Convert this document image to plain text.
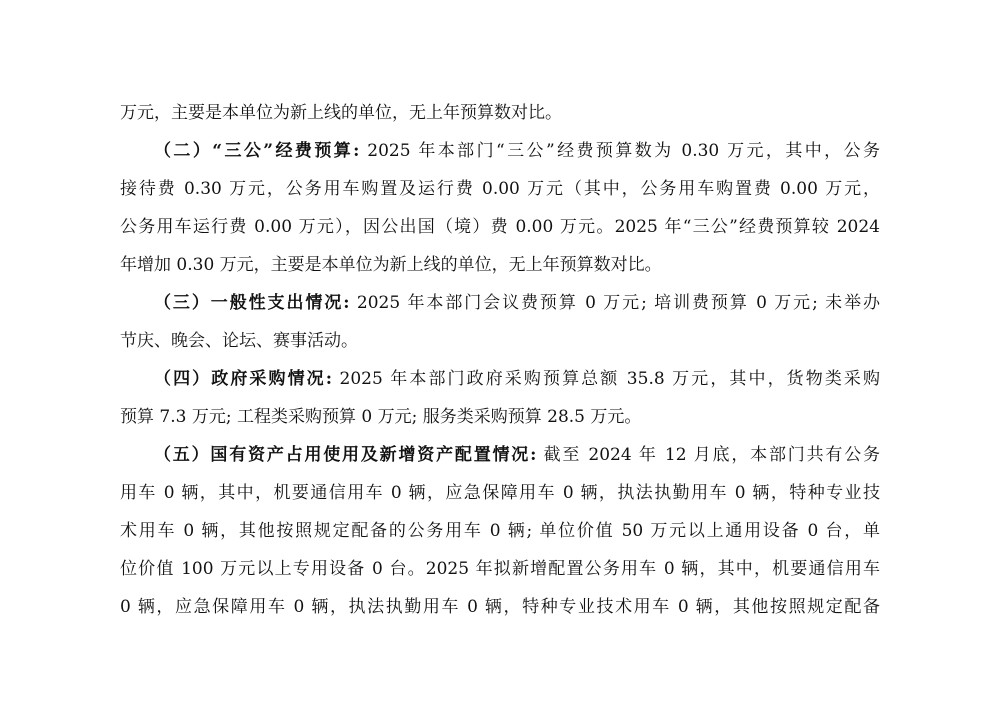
万元，主要是本单位为新上线的单位，无上年预算数对比。
（二）“三公”经费预算: 2025 年本部门“三公”经费预算数为 0.30 万元，其中，公务
接待费 0.30 万元，公务用车购置及运行费 0.00 万元（其中，公务用车购置费 0.00 万元，
公务用车运行费 0.00 万元），因公出国（境）费 0.00 万元。2025 年“三公”经费预算较 2024
年增加 0.30 万元，主要是本单位为新上线的单位，无上年预算数对比。
（三）一般性支出情况: 2025 年本部门会议费预算 0 万元; 培训费预算 0 万元; 未举办
节庆、晚会、论坛、赛事活动。
（四）政府采购情况: 2025 年本部门政府采购预算总额 35.8 万元，其中，货物类采购
预算 7.3 万元; 工程类采购预算 0 万元; 服务类采购预算 28.5 万元。
（五）国有资产占用使用及新增资产配置情况: 截至 2024 年 12 月底，本部门共有公务
用车 0 辆，其中，机要通信用车 0 辆，应急保障用车 0 辆，执法执勤用车 0 辆，特种专业技
术用车 0 辆，其他按照规定配备的公务用车 0 辆; 单位价值 50 万元以上通用设备 0 台，单
位价值 100 万元以上专用设备 0 台。2025 年拟新增配置公务用车 0 辆，其中，机要通信用车
0 辆，应急保障用车 0 辆，执法执勤用车 0 辆，特种专业技术用车 0 辆，其他按照规定配备
